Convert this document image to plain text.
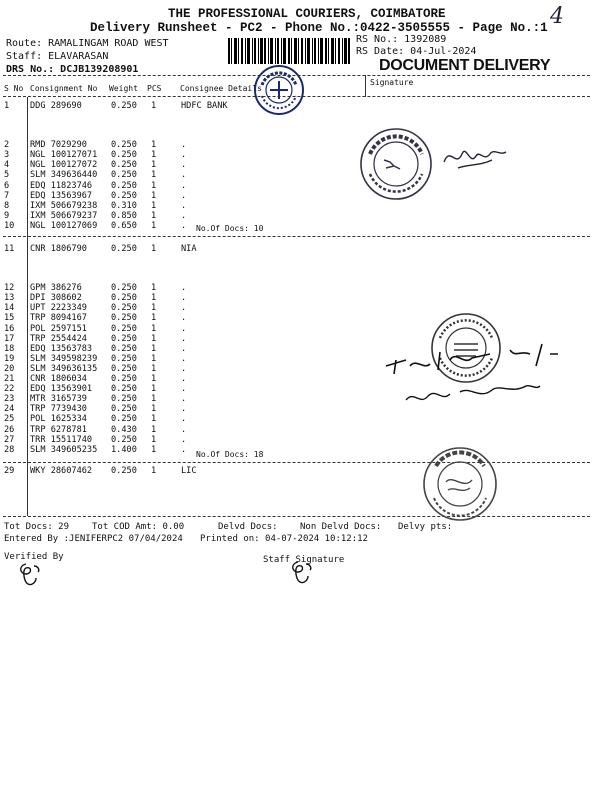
4
THE PROFESSIONAL COURIERS, COIMBATORE
Delivery Runsheet - PC2 - Phone No.:0422-3505555 - Page No.:1
Route: RAMALINGAM ROAD WEST
Staff: ELAVARASAN
DRS No.: DCJB139208901
RS No.: 1392089
RS Date: 04-Jul-2024
DOCUMENT DELIVERY
S No Consignment No Weight PCS Consignee Details
Signature
1 DDG 289690	0.250 1	HDFC BANK
2 RMD 7029290	0.250 1	.
3 NGL 100127071 0.250 1	.
4 NGL 100127072 0.250 1	.
5 SLM 349636440 0.250 1	.
6 EDQ 11823746 0.250 1	.
7 EDQ 13563967 0.250 1	.
8 IXM 506679238 0.310 1	.
9 IXM 506679237 0.850 1	.
10 NGL 100127069 0.650 1	. No.Of Docs: 10
11 CNR 1806790	0.250 1	NIA
12 GPM 386276	0.250 1	.
13 DPI 308602	0.250 1	.
14 UPT 2223349	0.250 1	.
15 TRP 8094167	0.250 1	.
16 POL 2597151	0.250 1	.
17 TRP 2554424	0.250 1	.
18 EDQ 13563783 0.250 1	.
19 SLM 349598239 0.250 1	.
20 SLM 349636135 0.250 1	.
21 CNR 1806034	0.250 1	.
22 EDQ 13563901 0.250 1	.
23 MTR 3165739	0.250 1	.
24 TRP 7739430	0.250 1	.
25 POL 1625334	0.250 1	.
26 TRP 6278781	0.430 1	.
27 TRR 15511740 0.250 1	.
28 SLM 349605235 1.400 1	. No.Of Docs: 18
29 WKY 28607462 0.250 1	LIC
Tot Docs: 29	Tot COD Amt: 0.00	Delvd Docs: Non Delvd Docs: Delvy pts:
Entered By :JENIFERPC2 07/04/2024 Printed on: 04-07-2024 10:12:12
Verified By	Staff Signature
